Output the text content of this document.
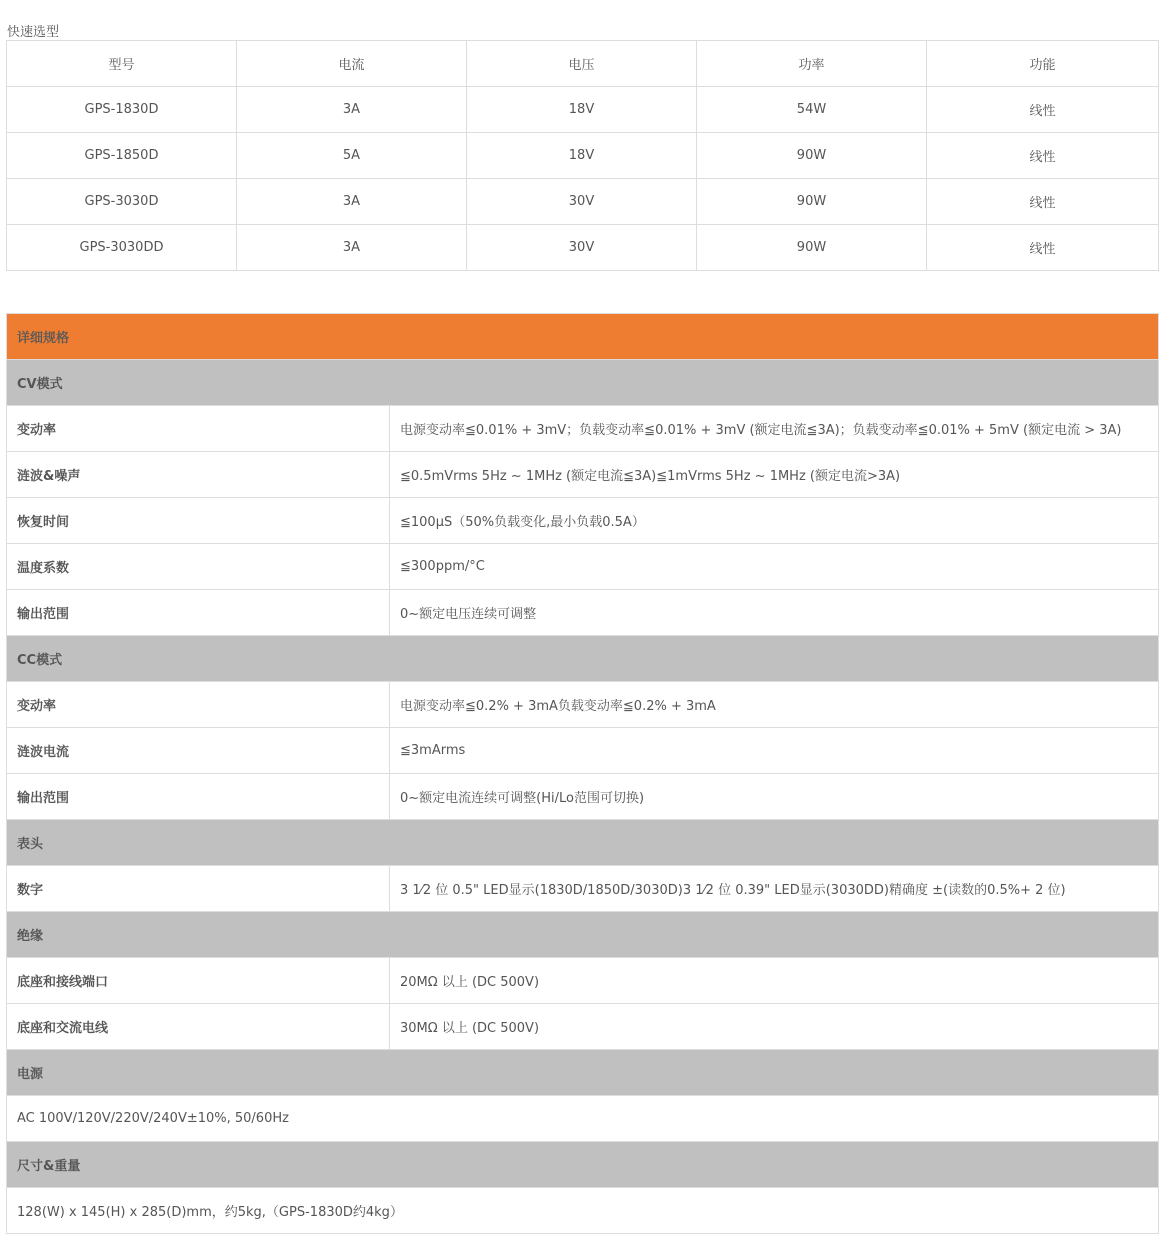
快速选型
型号	电流	电压	功率	功能
GPS-1830D	3A	18V	54W	线性
GPS-1850D	5A	18V	90W	线性
GPS-3030D	3A	30V	90W	线性
GPS-3030DD	3A	30V	90W	线性
详细规格	
CV模式	
变动率	电源变动率≦0.01% + 3mV；负载变动率≦0.01% + 3mV (额定电流≦3A)；负载变动率≦0.01% + 5mV (额定电流 > 3A)
涟波&噪声	≦0.5mVrms 5Hz ~ 1MHz (额定电流≦3A)≦1mVrms 5Hz ~ 1MHz (额定电流>3A)
恢复时间	≦100μS（50%负载变化,最小负载0.5A）
温度系数	≦300ppm/°C
输出范围	0~额定电压连续可调整
CC模式	
变动率	电源变动率≦0.2% + 3mA负载变动率≦0.2% + 3mA
涟波电流	≦3mArms
输出范围	0~额定电流连续可调整(Hi/Lo范围可切换)
表头	
数字	3 1⁄2 位 0.5" LED显示(1830D/1850D/3030D)3 1⁄2 位 0.39" LED显示(3030DD)精确度 ±(读数的0.5%+ 2 位)
绝缘	
底座和接线端口	20MΩ 以上 (DC 500V)
底座和交流电线	30MΩ 以上 (DC 500V)
电源	
AC 100V/120V/220V/240V±10%, 50/60Hz	
尺寸&重量	
128(W) x 145(H) x 285(D)mm，约5kg,（GPS-1830D约4kg）	
